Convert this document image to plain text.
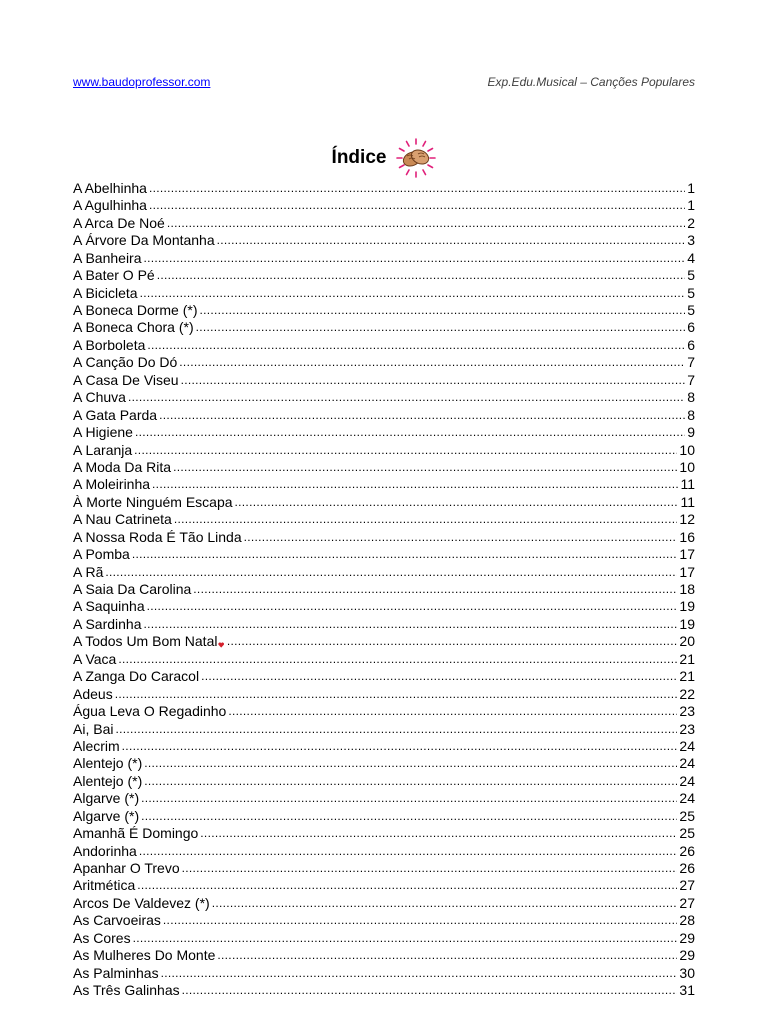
www.baudoprofessor.com	Exp.Edu.Musical – Canções Populares
Índice
A Abelhinha .....	1
A Agulhinha .....	1
A Arca De Noé .....	2
A Árvore Da Montanha .....	3
A Banheira .....	4
A Bater O Pé .....	5
A Bicicleta .....	5
A Boneca Dorme (*) .....	5
A Boneca Chora (*) .....	6
A Borboleta .....	6
A Canção Do Dó .....	7
A Casa De Viseu .....	7
A Chuva .....	8
A Gata Parda .....	8
A Higiene .....	9
A Laranja .....	10
A Moda Da Rita .....	10
A Moleirinha .....	11
À Morte Ninguém Escapa .....	11
A Nau Catrineta .....	12
A Nossa Roda É Tão Linda .....	16
A Pomba .....	17
A Rã .....	17
A Saia Da Carolina .....	18
A Saquinha .....	19
A Sardinha .....	19
A Todos Um Bom Natal .....	20
A Vaca .....	21
A Zanga Do Caracol .....	21
Adeus .....	22
Água Leva O Regadinho .....	23
Ai, Bai .....	23
Alecrim .....	24
Alentejo (*) .....	24
Alentejo (*) .....	24
Algarve (*) .....	24
Algarve (*) .....	25
Amanhã É Domingo .....	25
Andorinha .....	26
Apanhar O Trevo .....	26
Aritmética .....	27
Arcos De Valdevez (*) .....	27
As Carvoeiras .....	28
As Cores .....	29
As Mulheres Do Monte .....	29
As Palminhas .....	30
As Três Galinhas .....	31
